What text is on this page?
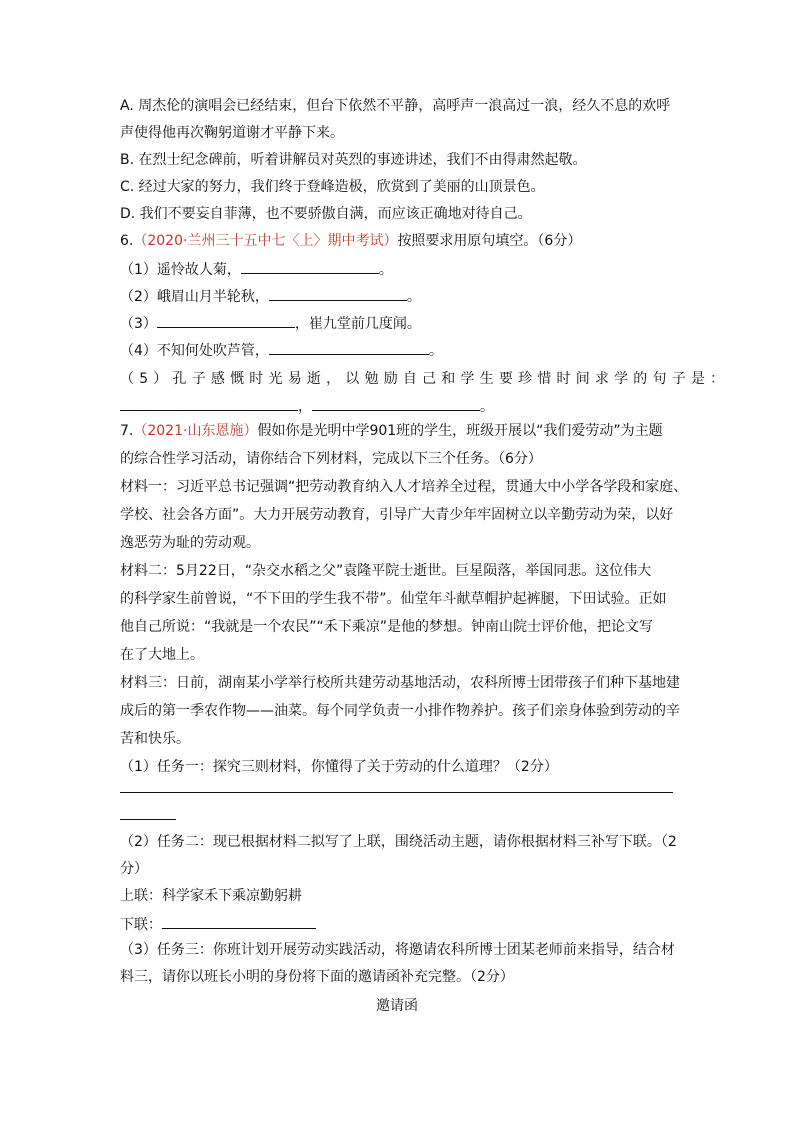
A. 周杰伦的演唱会已经结束，但台下依然不平静，高呼声一浪高过一浪，经久不息的欢呼
声使得他再次鞠躬道谢才平静下来。
B. 在烈士纪念碑前，听着讲解员对英烈的事迹讲述，我们不由得肃然起敬。
C. 经过大家的努力，我们终于登峰造极，欣赏到了美丽的山顶景色。
D. 我们不要妄自菲薄，也不要骄傲自满，而应该正确地对待自己。
6.（2020·兰州三十五中七〈上〉期中考试）按照要求用原句填空。（6分）
（1）遥怜故人菊，	。
（2）峨眉山月半轮秋，	。
（3）	，崔九堂前几度闻。
（4）不知何处吹芦管，	。
（5）孔子感慨时光易逝，以勉励自己和学生要珍惜时间求学的句子是：
，	。
7.（2021·山东恩施）假如你是光明中学901班的学生，班级开展以“我们爱劳动”为主题
的综合性学习活动，请你结合下列材料，完成以下三个任务。（6分）
材料一：习近平总书记强调“把劳动教育纳入人才培养全过程，贯通大中小学各学段和家庭、
学校、社会各方面”。大力开展劳动教育，引导广大青少年牢固树立以辛勤劳动为荣，以好
逸恶劳为耻的劳动观。
材料二：5月22日，“杂交水稻之父”袁隆平院士逝世。巨星陨落，举国同悲。这位伟大
的科学家生前曾说，“不下田的学生我不带”。仙堂年斗献草帽护起裤腿，下田试验。正如
他自己所说：“我就是一个农民”“禾下乘凉”是他的梦想。钟南山院士评价他，把论文写
在了大地上。
材料三：日前，湖南某小学举行校所共建劳动基地活动，农科所博士团带孩子们种下基地建
成后的第一季农作物——油菜。每个同学负责一小排作物养护。孩子们亲身体验到劳动的辛
苦和快乐。
（1）任务一：探究三则材料，你懂得了关于劳动的什么道理？（2分）
（2）任务二：现已根据材料二拟写了上联，围绕活动主题，请你根据材料三补写下联。（2
分）
上联：科学家禾下乘凉勤躬耕
下联：
（3）任务三：你班计划开展劳动实践活动，将邀请农科所博士团某老师前来指导，结合材
料三，请你以班长小明的身份将下面的邀请函补充完整。（2分）
邀请函
